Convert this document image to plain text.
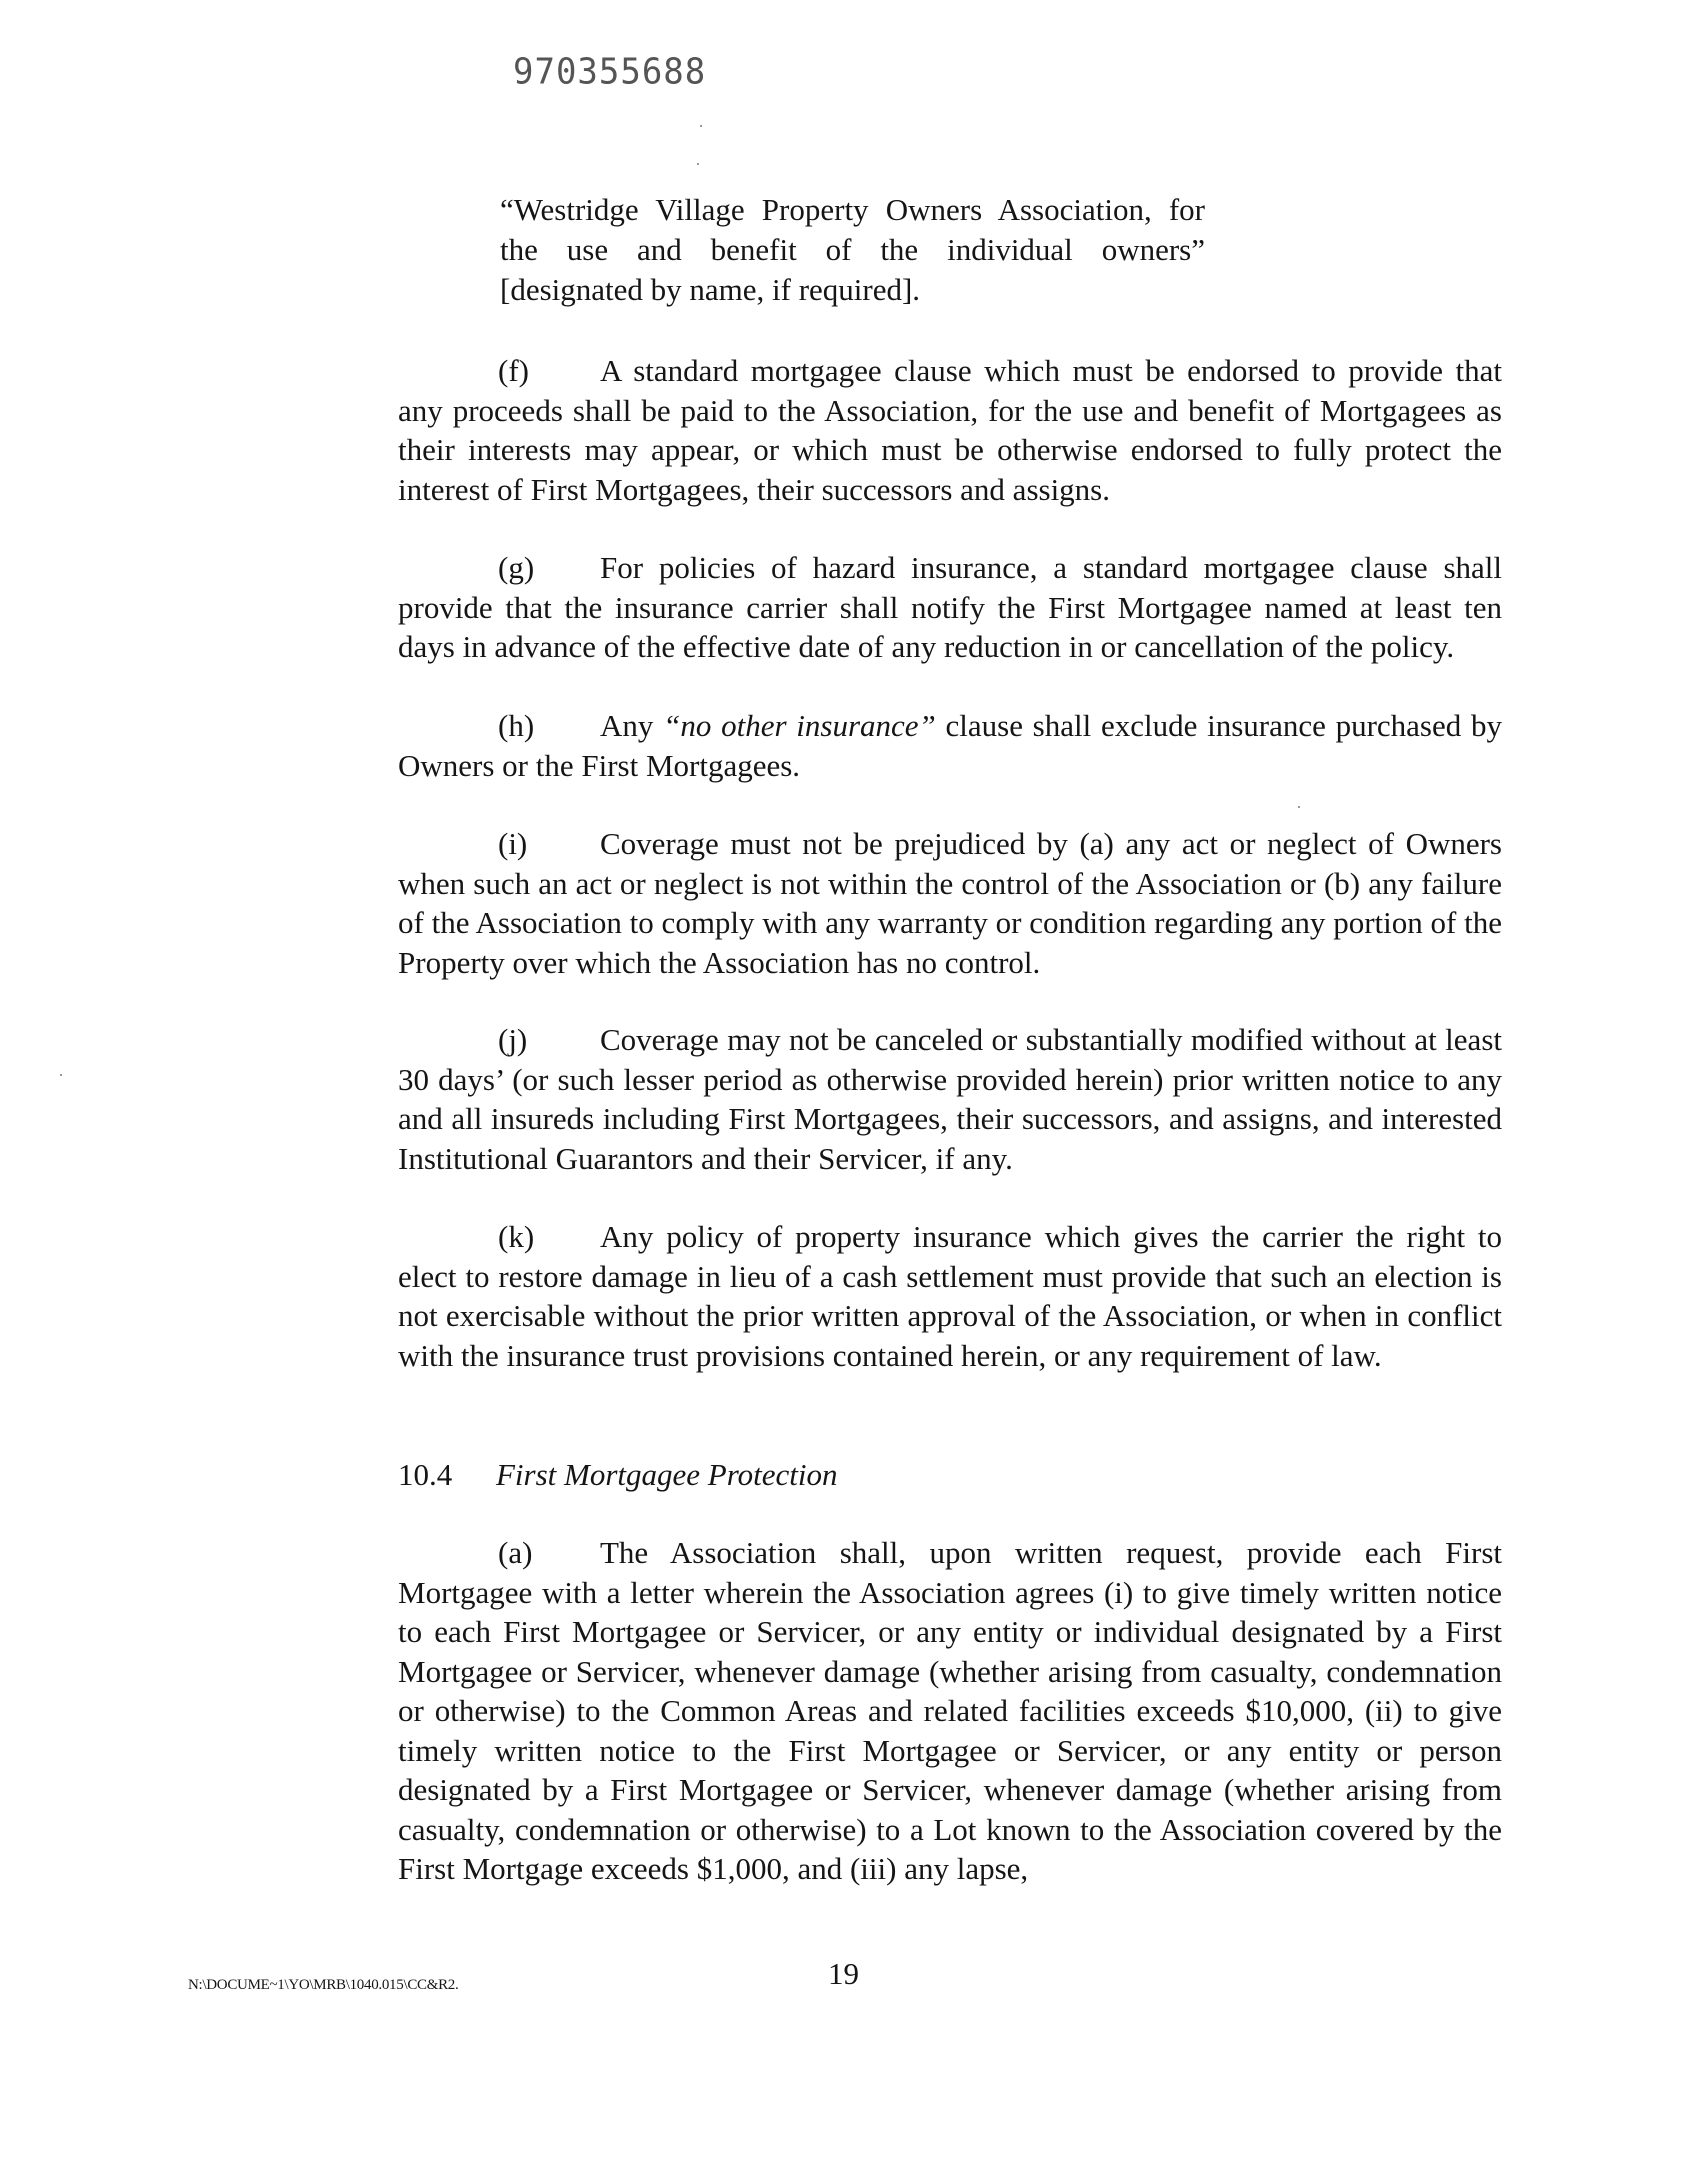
970355688
“Westridge Village Property Owners Association, for
the use and benefit of the individual owners”
[designated by name, if required].
(f) A standard mortgagee clause which must be endorsed to provide that any proceeds shall be paid to the Association, for the use and benefit of Mortgagees as their interests may appear, or which must be otherwise endorsed to fully protect the interest of First Mortgagees, their successors and assigns.
(g) For policies of hazard insurance, a standard mortgagee clause shall provide that the insurance carrier shall notify the First Mortgagee named at least ten days in advance of the effective date of any reduction in or cancellation of the policy.
(h) Any “no other insurance” clause shall exclude insurance purchased by Owners or the First Mortgagees.
(i) Coverage must not be prejudiced by (a) any act or neglect of Owners when such an act or neglect is not within the control of the Association or (b) any failure of the Association to comply with any warranty or condition regarding any portion of the Property over which the Association has no control.
(j) Coverage may not be canceled or substantially modified without at least 30 days’ (or such lesser period as otherwise provided herein) prior written notice to any and all insureds including First Mortgagees, their successors, and assigns, and interested Institutional Guarantors and their Servicer, if any.
(k) Any policy of property insurance which gives the carrier the right to elect to restore damage in lieu of a cash settlement must provide that such an election is not exercisable without the prior written approval of the Association, or when in conflict with the insurance trust provisions contained herein, or any requirement of law.
10.4 First Mortgagee Protection
(a) The Association shall, upon written request, provide each First Mortgagee with a letter wherein the Association agrees (i) to give timely written notice to each First Mortgagee or Servicer, or any entity or individual designated by a First Mortgagee or Servicer, whenever damage (whether arising from casualty, condemnation or otherwise) to the Common Areas and related facilities exceeds $10,000, (ii) to give timely written notice to the First Mortgagee or Servicer, or any entity or person designated by a First Mortgagee or Servicer, whenever damage (whether arising from casualty, condemnation or otherwise) to a Lot known to the Association covered by the First Mortgage exceeds $1,000, and (iii) any lapse,
N:\DOCUME~1\YO\MRB\1040.015\CC&R2.	19
